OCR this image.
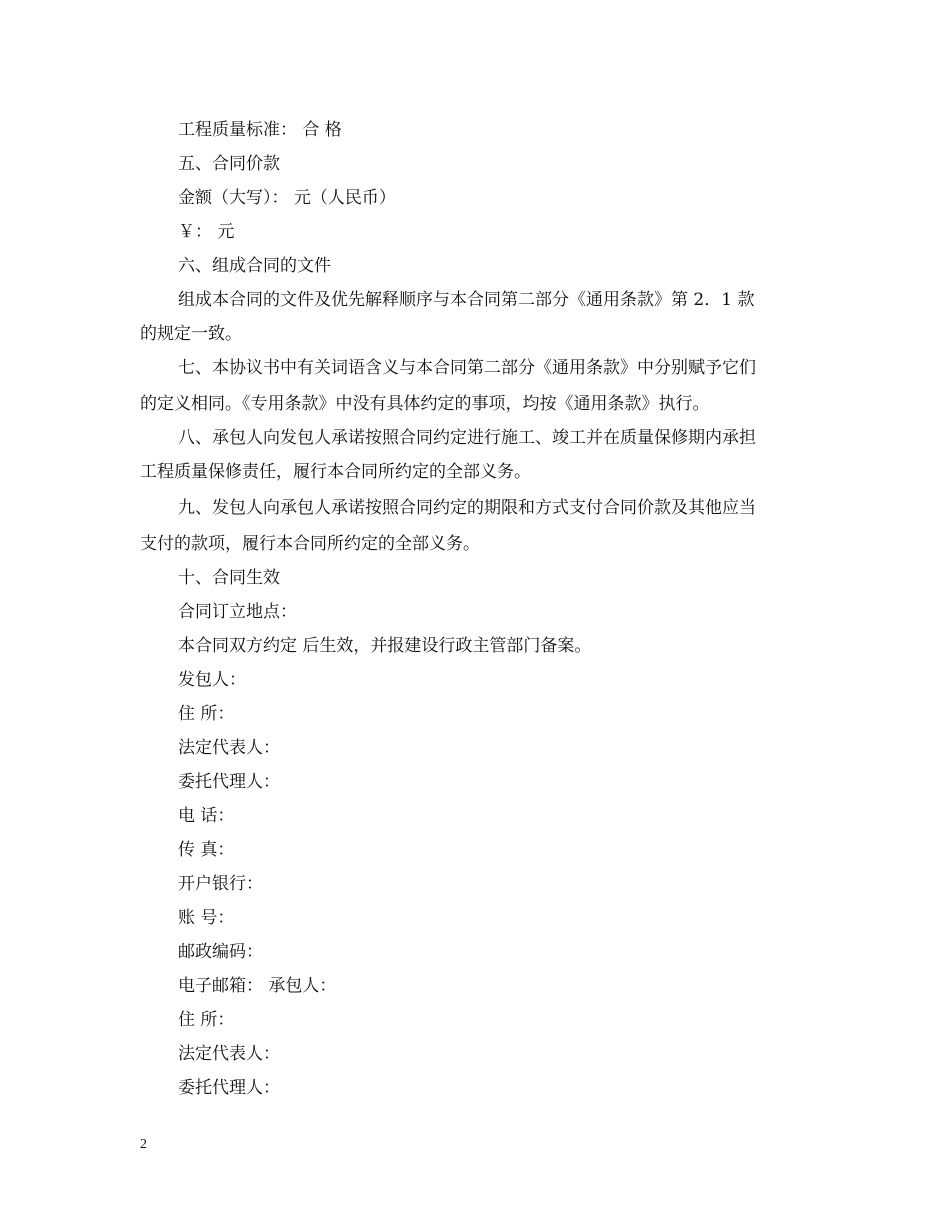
工程质量标准： 合 格
五、合同价款
金额（大写）： 元（人民币）
￥： 元
六、组成合同的文件
组成本合同的文件及优先解释顺序与本合同第二部分《通用条款》第 2．1 款
的规定一致。
七、本协议书中有关词语含义与本合同第二部分《通用条款》中分别赋予它们
的定义相同。《专用条款》中没有具体约定的事项，均按《通用条款》执行。
八、承包人向发包人承诺按照合同约定进行施工、竣工并在质量保修期内承担
工程质量保修责任，履行本合同所约定的全部义务。
九、发包人向承包人承诺按照合同约定的期限和方式支付合同价款及其他应当
支付的款项，履行本合同所约定的全部义务。
十、合同生效
合同订立地点：
本合同双方约定 后生效，并报建设行政主管部门备案。
发包人：
住 所：
法定代表人：
委托代理人：
电 话：
传 真：
开户银行：
账 号：
邮政编码：
电子邮箱： 承包人：
住 所：
法定代表人：
委托代理人：
2
